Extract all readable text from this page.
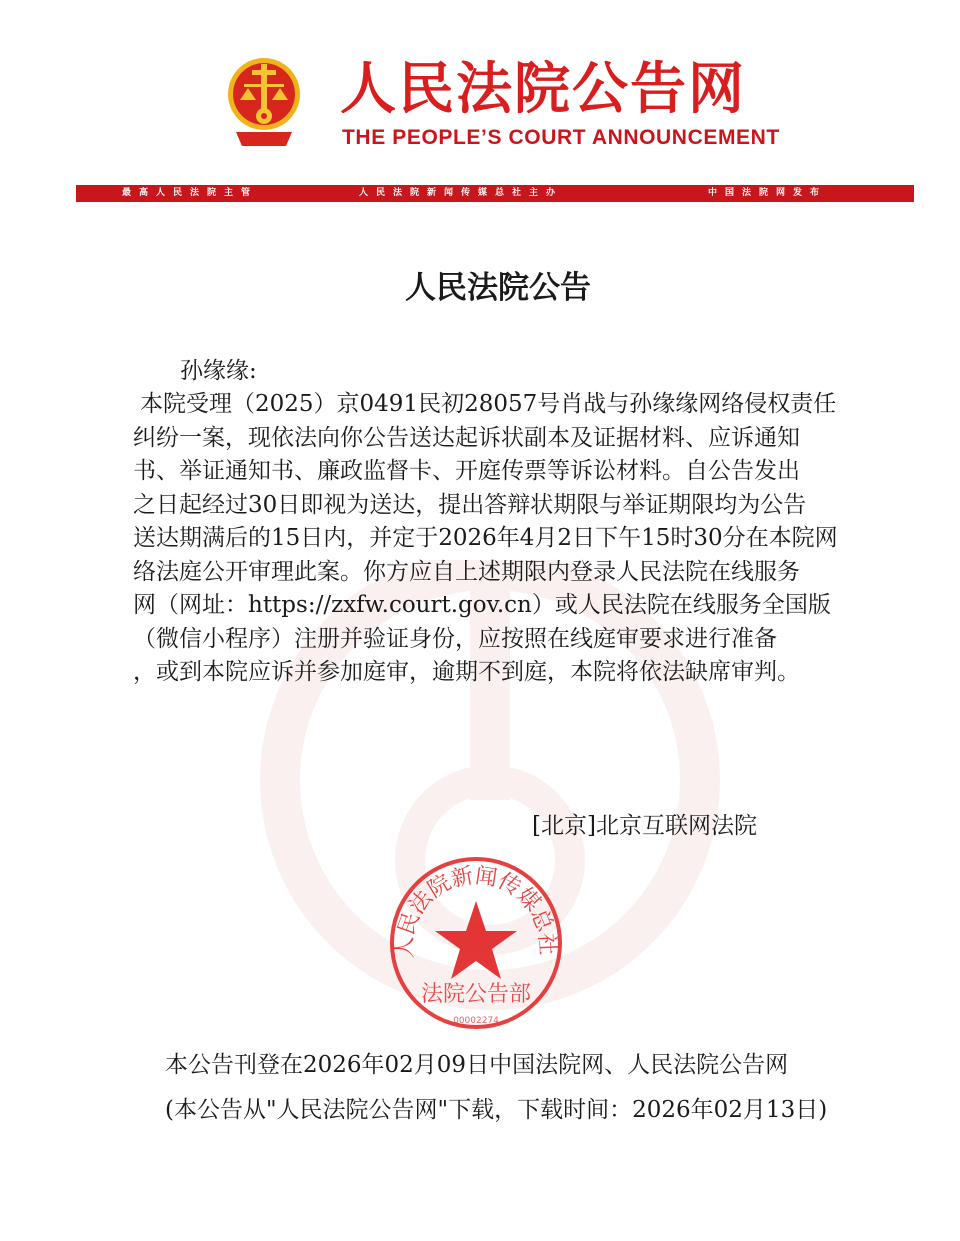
人民法院公告网
THE PEOPLE’S COURT ANNOUNCEMENT
最高人民法院主管	人民法院新闻传媒总社主办	中国法院网发布
人民法院公告
孙缘缘:
本院受理（2025）京0491民初28057号肖战与孙缘缘网络侵权责任
纠纷一案，现依法向你公告送达起诉状副本及证据材料、应诉通知
书、举证通知书、廉政监督卡、开庭传票等诉讼材料。自公告发出
之日起经过30日即视为送达，提出答辩状期限与举证期限均为公告
送达期满后的15日内，并定于2026年4月2日下午15时30分在本院网
络法庭公开审理此案。你方应自上述期限内登录人民法院在线服务
网（网址：https://zxfw.court.gov.cn）或人民法院在线服务全国版
（微信小程序）注册并验证身份，应按照在线庭审要求进行准备
，或到本院应诉并参加庭审，逾期不到庭，本院将依法缺席审判。
[北京]北京互联网法院
人民法院新闻传媒总社
法院公告部
00002274
本公告刊登在2026年02月09日中国法院网、人民法院公告网
(本公告从"人民法院公告网"下载，下载时间：2026年02月13日)
